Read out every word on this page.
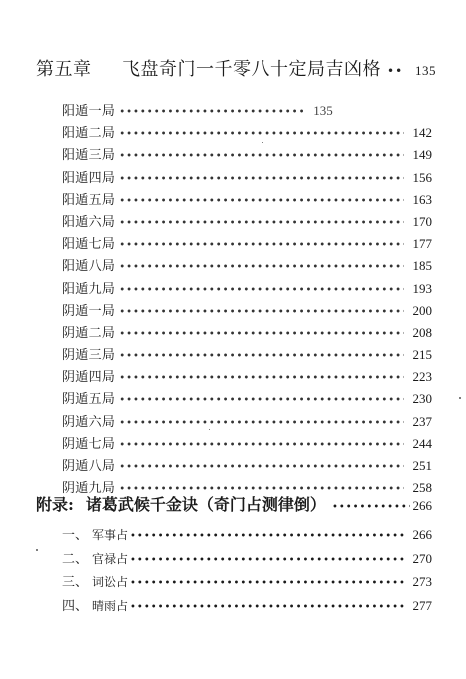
第五章	飞盘奇门一千零八十定局吉凶格 •• 135
阳遁一局 •••••	135
阳遁二局 •••••	142
阳遁三局 •••••	149
阳遁四局 •••••	156
阳遁五局 •••••	163
阳遁六局 •••••	170
阳遁七局 •••••	177
阳遁八局 •••••	185
阳遁九局 •••••	193
阴遁一局 •••••	200
阴遁二局 •••••	208
阴遁三局 •••••	215
阴遁四局 •••••	223
阴遁五局 •••••	230
阴遁六局 •••••	237
阴遁七局 •••••	244
阴遁八局 •••••	251
阴遁九局 •••••	258
附录: 诸葛武候千金诀（奇门占测律倒） •••••	266
一、 军事占 •••••	266
二、 官禄占 •••••	270
三、 词讼占 •••••	273
四、 晴雨占 •••••	277
